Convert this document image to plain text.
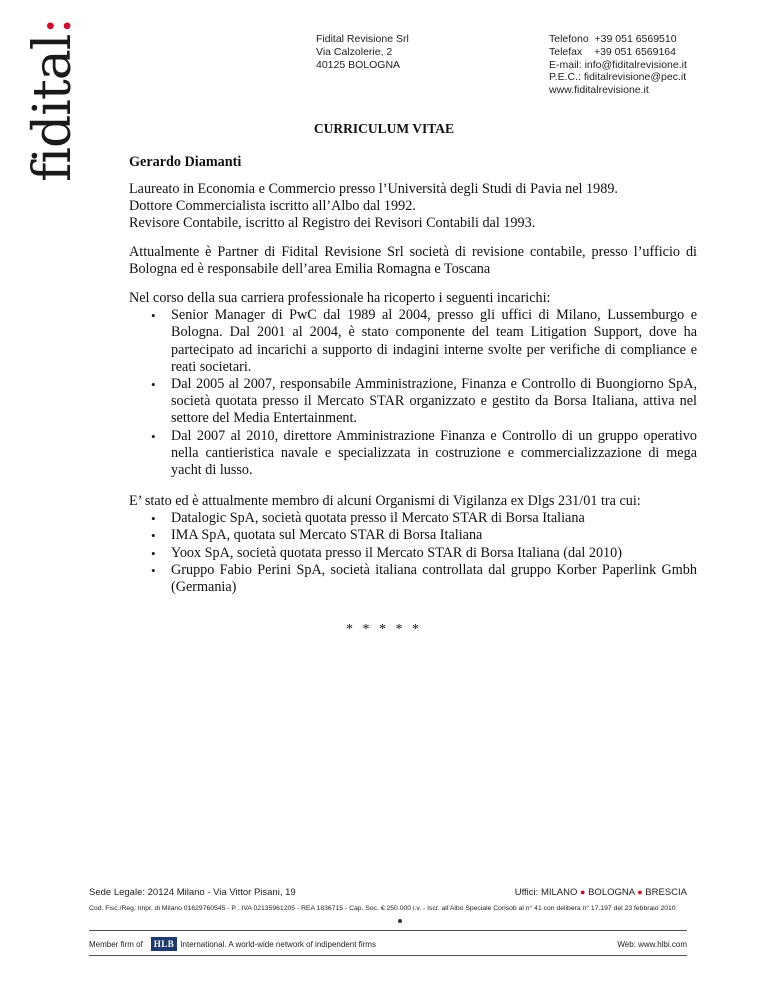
fidital:
Fidital Revisione Srl
Via Calzolerie, 2
40125 BOLOGNA
Telefono  +39 051 6569510
Telefax    +39 051 6569164
E-mail: info@fiditalrevisione.it
P.E.C.: fiditalrevisione@pec.it
www.fiditalrevisione.it
CURRICULUM VITAE
Gerardo Diamanti
Laureato in Economia e Commercio presso l’Università degli Studi di Pavia nel 1989.
Dottore Commercialista iscritto all’Albo dal 1992.
Revisore Contabile, iscritto al Registro dei Revisori Contabili dal 1993.
Attualmente è Partner di Fidital Revisione Srl società di revisione contabile, presso l’ufficio di Bologna ed è responsabile dell’area Emilia Romagna e Toscana
Nel corso della sua carriera professionale ha ricoperto i seguenti incarichi:
• Senior Manager di PwC dal 1989 al 2004, presso gli uffici di Milano, Lussemburgo e Bologna. Dal 2001 al 2004, è stato componente del team Litigation Support, dove ha partecipato ad incarichi a supporto di indagini interne svolte per verifiche di compliance e reati societari.
• Dal 2005 al 2007, responsabile Amministrazione, Finanza e Controllo di Buongiorno SpA, società quotata presso il Mercato STAR organizzato e gestito da Borsa Italiana, attiva nel settore del Media Entertainment.
• Dal 2007 al 2010, direttore Amministrazione Finanza e Controllo di un gruppo operativo nella cantieristica navale e specializzata in costruzione e commercializzazione di mega yacht di lusso.
E’ stato ed è attualmente membro di alcuni Organismi di Vigilanza ex Dlgs 231/01 tra cui:
• Datalogic SpA, società quotata presso il Mercato STAR di Borsa Italiana
• IMA SpA, quotata sul Mercato STAR di Borsa Italiana
• Yoox SpA, società quotata presso il Mercato STAR di Borsa Italiana (dal 2010)
• Gruppo Fabio Perini SpA, società italiana controllata dal gruppo Korber Paperlink Gmbh (Germania)
* * * * *
Sede Legale: 20124 Milano - Via Vittor Pisani, 19	Uffici: MILANO ● BOLOGNA ● BRESCIA
Cod. Fisc./Reg. Impr. di Milano 01629760545 - P . IVA 02135961205 - REA 1836715 - Cap. Soc. € 250.000 i.v. - Iscr. all’Albo Speciale Consob al n° 41 con delibera n° 17.197 del 23 febbraio 2010
Member firm of	HLB International. A world-wide network of indipendent firms	Web: www.hlbi.com
